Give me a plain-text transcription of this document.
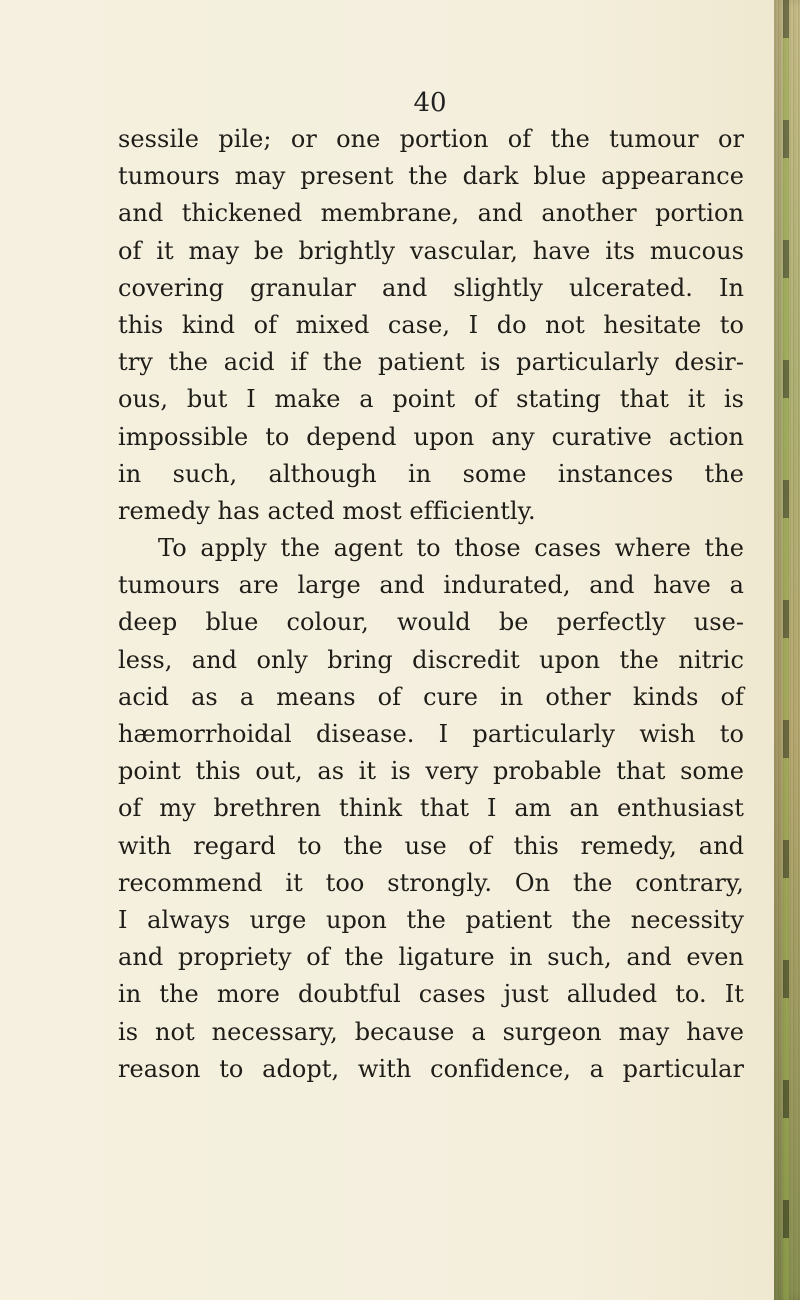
40
sessile pile; or one portion of the tumour or
tumours may present the dark blue appearance
and thickened membrane, and another portion
of it may be brightly vascular, have its mucous
covering granular and slightly ulcerated. In
this kind of mixed case, I do not hesitate to
try the acid if the patient is particularly desir-
ous, but I make a point of stating that it is
impossible to depend upon any curative action
in such, although in some instances the
remedy has acted most efficiently.
To apply the agent to those cases where the
tumours are large and indurated, and have a
deep blue colour, would be perfectly use-
less, and only bring discredit upon the nitric
acid as a means of cure in other kinds of
hæmorrhoidal disease. I particularly wish to
point this out, as it is very probable that some
of my brethren think that I am an enthusiast
with regard to the use of this remedy, and
recommend it too strongly. On the contrary,
I always urge upon the patient the necessity
and propriety of the ligature in such, and even
in the more doubtful cases just alluded to. It
is not necessary, because a surgeon may have
reason to adopt, with confidence, a particular
